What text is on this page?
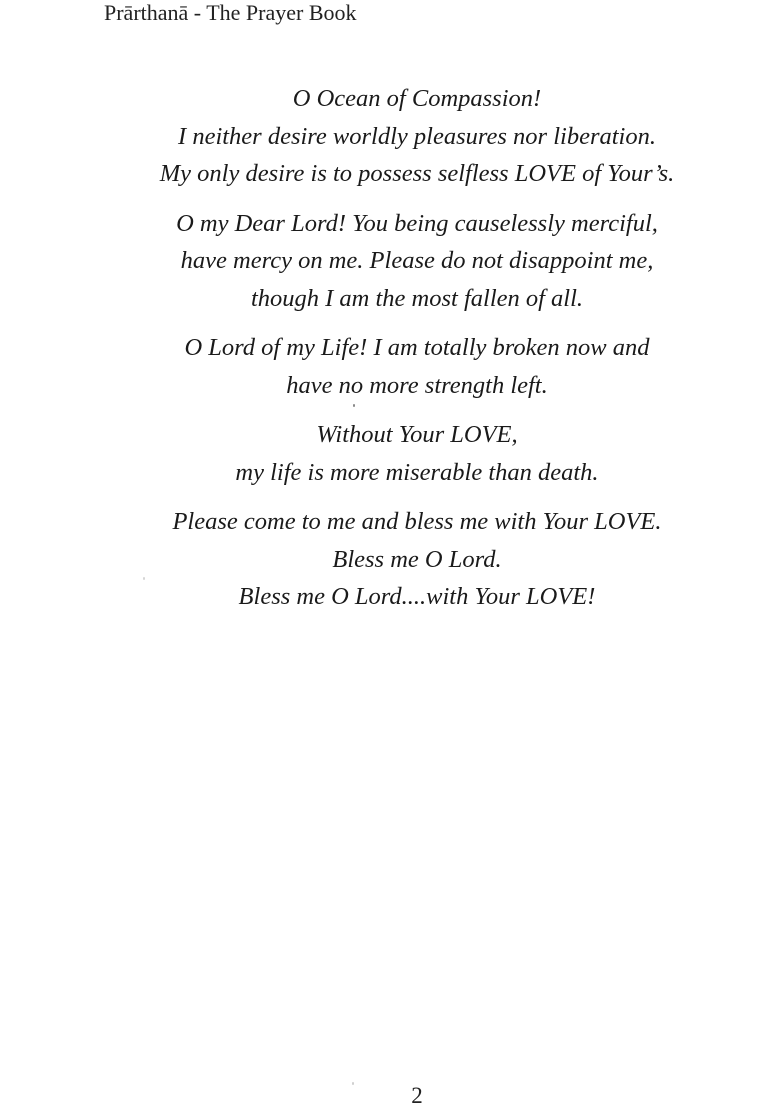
Prārthanā - The Prayer Book
O Ocean of Compassion!
I neither desire worldly pleasures nor liberation.
My only desire is to possess selfless LOVE of Your’s.
O my Dear Lord! You being causelessly merciful,
have mercy on me. Please do not disappoint me,
though I am the most fallen of all.
O Lord of my Life! I am totally broken now and
have no more strength left.
Without Your LOVE,
my life is more miserable than death.
Please come to me and bless me with Your LOVE.
Bless me O Lord.
Bless me O Lord....with Your LOVE!
2
